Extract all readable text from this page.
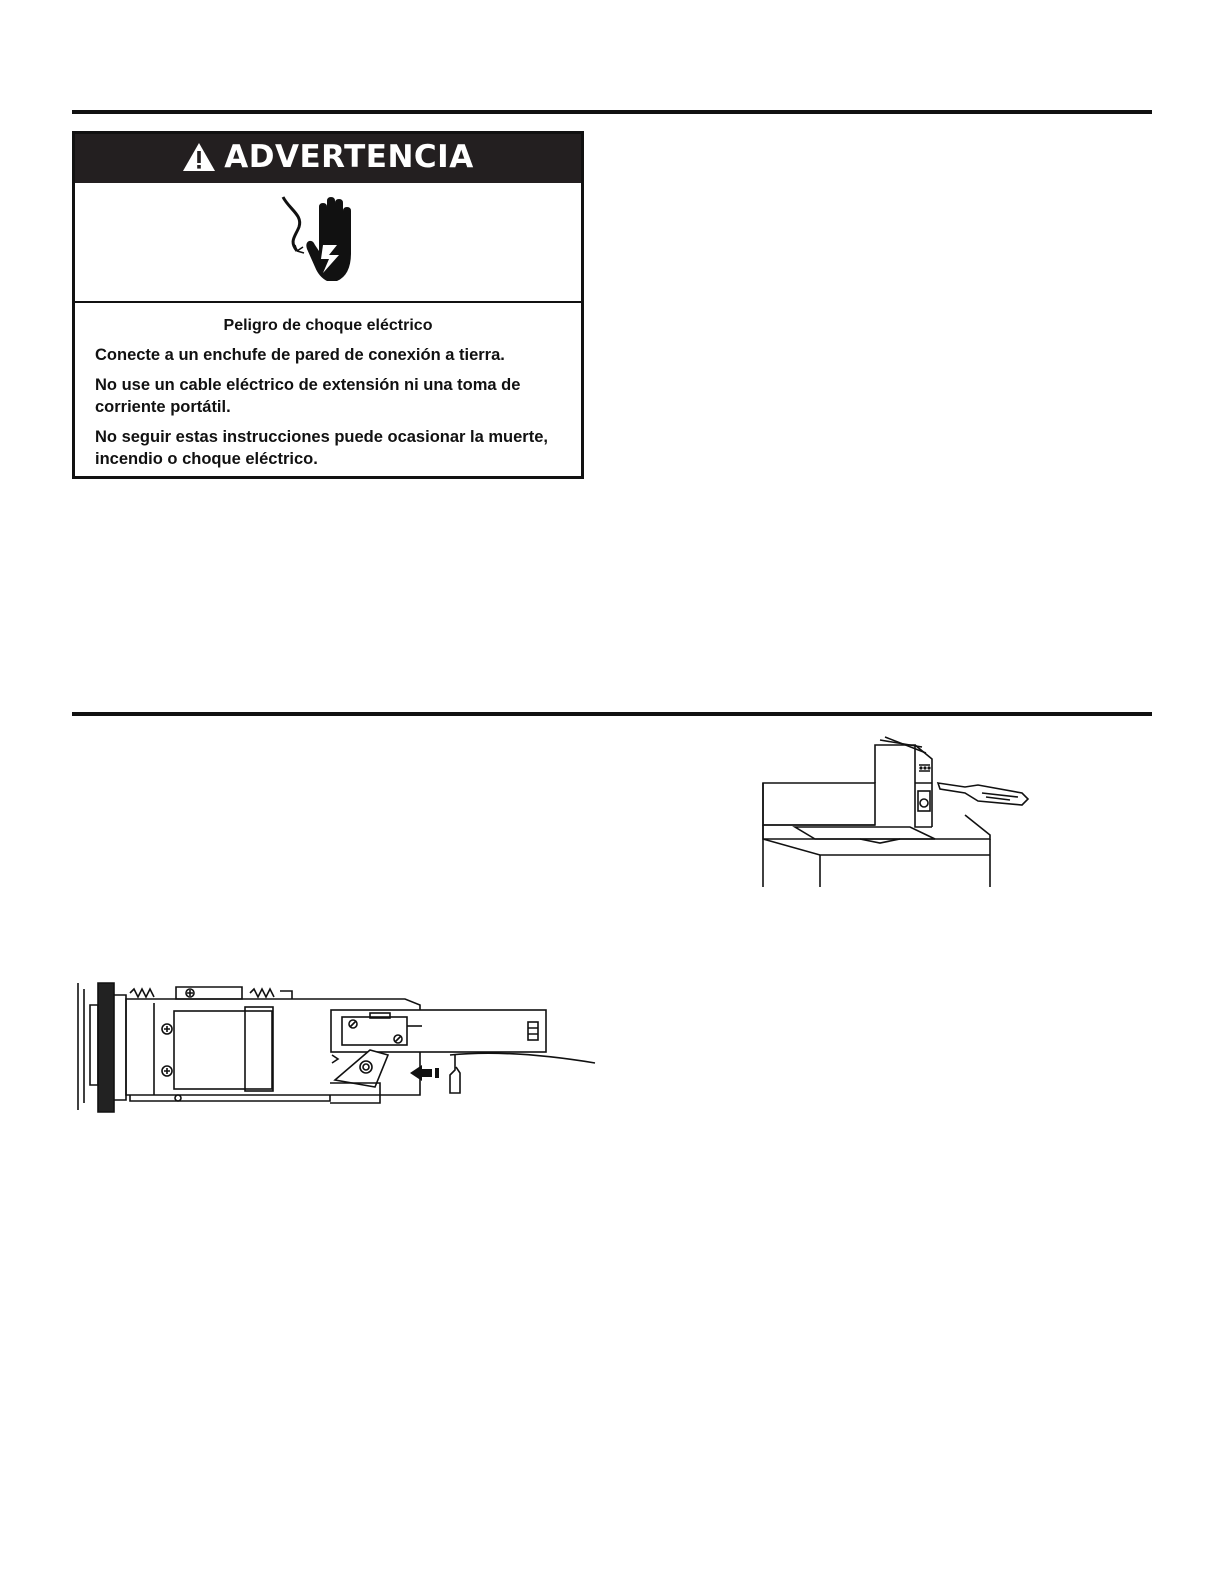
ADVERTENCIA
Peligro de choque eléctrico

Conecte a un enchufe de pared de conexión a tierra.

No use un cable eléctrico de extensión ni una toma de corriente portátil.

No seguir estas instrucciones puede ocasionar la muerte, incendio o choque eléctrico.
